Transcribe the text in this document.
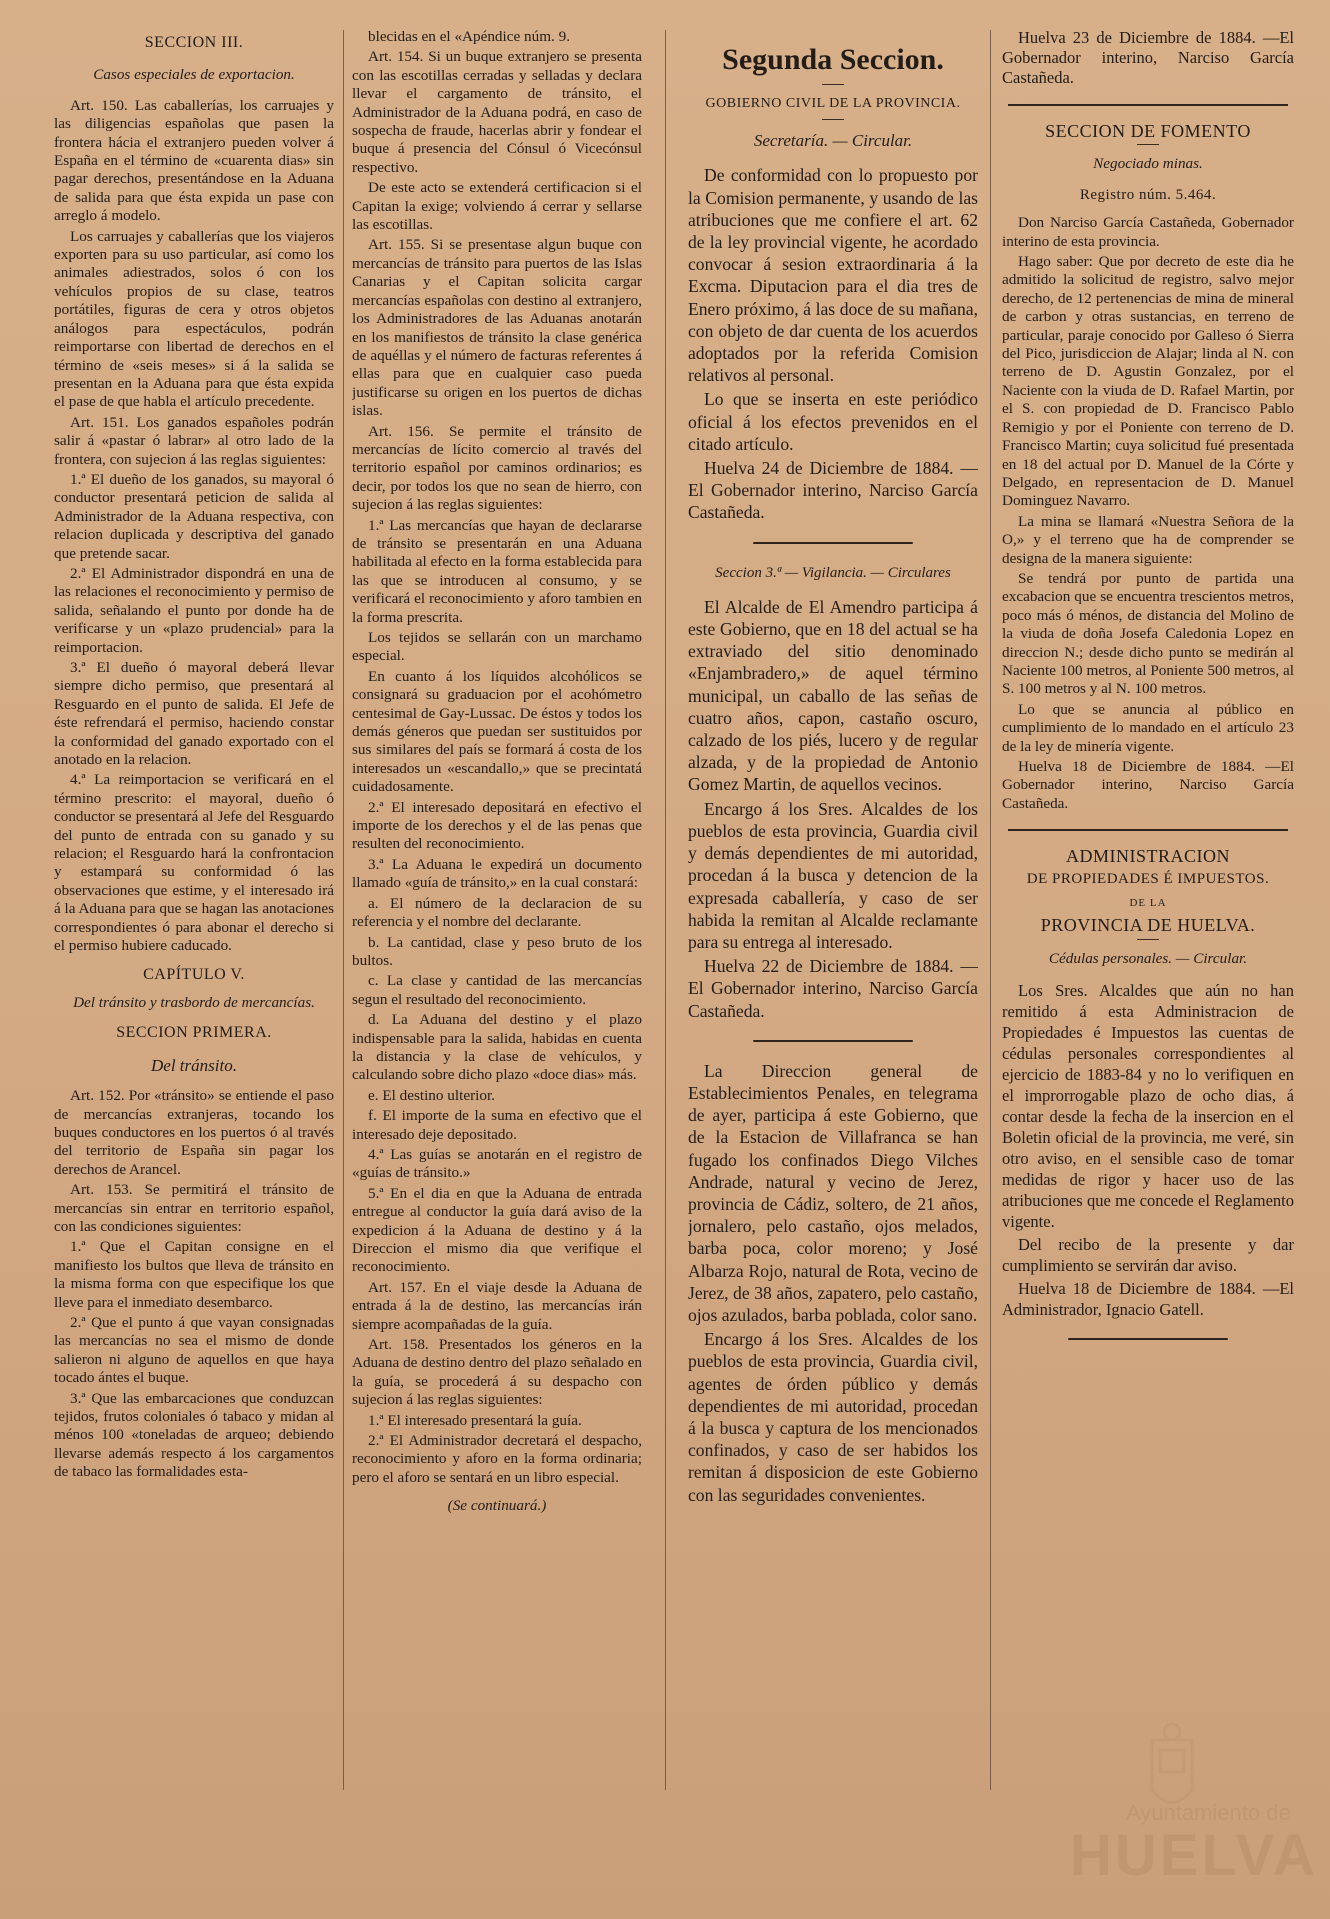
SECCION III.
Casos especiales de exportacion.

Art. 150. Las caballerías, los carruajes y las diligencias españolas que pasen la frontera hácia el extranjero pueden volver á España en el término de «cuarenta dias» sin pagar derechos, presentándose en la Aduana de salida para que ésta expida un pase con arreglo á modelo.

Los carruajes y caballerías que los viajeros exporten para su uso particular, así como los animales adiestrados, solos ó con los vehículos propios de su clase, teatros portátiles, figuras de cera y otros objetos análogos para espectáculos, podrán reimportarse con libertad de derechos en el término de «seis meses» si á la salida se presentan en la Aduana para que ésta expida el pase de que habla el artículo precedente.

Art. 151. Los ganados españoles podrán salir á «pastar ó labrar» al otro lado de la frontera, con sujecion á las reglas siguientes:

1.ª El dueño de los ganados, su mayoral ó conductor presentará peticion de salida al Administrador de la Aduana respectiva, con relacion duplicada y descriptiva del ganado que pretende sacar.

2.ª El Administrador dispondrá en una de las relaciones el reconocimiento y permiso de salida, señalando el punto por donde ha de verificarse y un «plazo prudencial» para la reimportacion.

3.ª El dueño ó mayoral deberá llevar siempre dicho permiso, que presentará al Resguardo en el punto de salida. El Jefe de éste refrendará el permiso, haciendo constar la conformidad del ganado exportado con el anotado en la relacion.

4.ª La reimportacion se verificará en el término prescrito: el mayoral, dueño ó conductor se presentará al Jefe del Resguardo del punto de entrada con su ganado y su relacion; el Resguardo hará la confrontacion y estampará su conformidad ó las observaciones que estime, y el interesado irá á la Aduana para que se hagan las anotaciones correspondientes ó para abonar el derecho si el permiso hubiere caducado.

CAPÍTULO V.
Del tránsito y trasbordo de mercancías.
SECCION PRIMERA.
Del tránsito.

Art. 152. Por «tránsito» se entiende el paso de mercancías extranjeras, tocando los buques conductores en los puertos ó al través del territorio de España sin pagar los derechos de Arancel.

Art. 153. Se permitirá el tránsito de mercancías sin entrar en territorio español, con las condiciones siguientes:

1.ª Que el Capitan consigne en el manifiesto los bultos que lleva de tránsito en la misma forma con que especifique los que lleve para el inmediato desembarco.

2.ª Que el punto á que vayan consignadas las mercancías no sea el mismo de donde salieron ni alguno de aquellos en que haya tocado ántes el buque.

3.ª Que las embarcaciones que conduzcan tejidos, frutos coloniales ó tabaco y midan al ménos 100 «toneladas de arqueo; debiendo llevarse además respecto á los cargamentos de tabaco las formalidades esta-

blecidas en el «Apéndice núm. 9.

Art. 154. Si un buque extranjero se presenta con las escotillas cerradas y selladas y declara llevar el cargamento de tránsito, el Administrador de la Aduana podrá, en caso de sospecha de fraude, hacerlas abrir y fondear el buque á presencia del Cónsul ó Vicecónsul respectivo.

De este acto se extenderá certificacion si el Capitan la exige; volviendo á cerrar y sellarse las escotillas.

Art. 155. Si se presentase algun buque con mercancías de tránsito para puertos de las Islas Canarias y el Capitan solicita cargar mercancías españolas con destino al extranjero, los Administradores de las Aduanas anotarán en los manifiestos de tránsito la clase genérica de aquéllas y el número de facturas referentes á ellas para que en cualquier caso pueda justificarse su origen en los puertos de dichas islas.

Art. 156. Se permite el tránsito de mercancías de lícito comercio al través del territorio español por caminos ordinarios; es decir, por todos los que no sean de hierro, con sujecion á las reglas siguientes:

1.ª Las mercancías que hayan de declararse de tránsito se presentarán en una Aduana habilitada al efecto en la forma establecida para las que se introducen al consumo, y se verificará el reconocimiento y aforo tambien en la forma prescrita.

Los tejidos se sellarán con un marchamo especial.

En cuanto á los líquidos alcohólicos se consignará su graduacion por el acohómetro centesimal de Gay-Lussac. De éstos y todos los demás géneros que puedan ser sustituidos por sus similares del país se formará á costa de los interesados un «escandallo,» que se precintatá cuidadosamente.

2.ª El interesado depositará en efectivo el importe de los derechos y el de las penas que resulten del reconocimiento.

3.ª La Aduana le expedirá un documento llamado «guía de tránsito,» en la cual constará:

a. El número de la declaracion de su referencia y el nombre del declarante.

b. La cantidad, clase y peso bruto de los bultos.

c. La clase y cantidad de las mercancías segun el resultado del reconocimiento.

d. La Aduana del destino y el plazo indispensable para la salida, habidas en cuenta la distancia y la clase de vehículos, y calculando sobre dicho plazo «doce dias» más.

e. El destino ulterior.

f. El importe de la suma en efectivo que el interesado deje depositado.

4.ª Las guías se anotarán en el registro de «guías de tránsito.»

5.ª En el dia en que la Aduana de entrada entregue al conductor la guía dará aviso de la expedicion á la Aduana de destino y á la Direccion el mismo dia que verifique el reconocimiento.

Art. 157. En el viaje desde la Aduana de entrada á la de destino, las mercancías irán siempre acompañadas de la guía.

Art. 158. Presentados los géneros en la Aduana de destino dentro del plazo señalado en la guía, se procederá á su despacho con sujecion á las reglas siguientes:

1.ª El interesado presentará la guía.

2.ª El Administrador decretará el despacho, reconocimiento y aforo en la forma ordinaria; pero el aforo se sentará en un libro especial.

(Se continuará.)

Segunda Seccion.
GOBIERNO CIVIL DE LA PROVINCIA.
Secretaría. — Circular.

De conformidad con lo propuesto por la Comision permanente, y usando de las atribuciones que me confiere el art. 62 de la ley provincial vigente, he acordado convocar á sesion extraordinaria á la Excma. Diputacion para el dia tres de Enero próximo, á las doce de su mañana, con objeto de dar cuenta de los acuerdos adoptados por la referida Comision relativos al personal.

Lo que se inserta en este periódico oficial á los efectos prevenidos en el citado artículo.

Huelva 24 de Diciembre de 1884. —El Gobernador interino, Narciso García Castañeda.

Seccion 3.ª — Vigilancia. — Circulares

El Alcalde de El Amendro participa á este Gobierno, que en 18 del actual se ha extraviado del sitio denominado «Enjambradero,» de aquel término municipal, un caballo de las señas de cuatro años, capon, castaño oscuro, calzado de los piés, lucero y de regular alzada, y de la propiedad de Antonio Gomez Martin, de aquellos vecinos.

Encargo á los Sres. Alcaldes de los pueblos de esta provincia, Guardia civil y demás dependientes de mi autoridad, procedan á la busca y detencion de la expresada caballería, y caso de ser habida la remitan al Alcalde reclamante para su entrega al interesado.

Huelva 22 de Diciembre de 1884. —El Gobernador interino, Narciso García Castañeda.

La Direccion general de Establecimientos Penales, en telegrama de ayer, participa á este Gobierno, que de la Estacion de Villafranca se han fugado los confinados Diego Vilches Andrade, natural y vecino de Jerez, provincia de Cádiz, soltero, de 21 años, jornalero, pelo castaño, ojos melados, barba poca, color moreno; y José Albarza Rojo, natural de Rota, vecino de Jerez, de 38 años, zapatero, pelo castaño, ojos azulados, barba poblada, color sano.

Encargo á los Sres. Alcaldes de los pueblos de esta provincia, Guardia civil, agentes de órden público y demás dependientes de mi autoridad, procedan á la busca y captura de los mencionados confinados, y caso de ser habidos los remitan á disposicion de este Gobierno con las seguridades convenientes.

Huelva 23 de Diciembre de 1884. —El Gobernador interino, Narciso García Castañeda.

SECCION DE FOMENTO
Negociado minas.
Registro núm. 5.464.

Don Narciso García Castañeda, Gobernador interino de esta provincia.

Hago saber: Que por decreto de este dia he admitido la solicitud de registro, salvo mejor derecho, de 12 pertenencias de mina de mineral de carbon y otras sustancias, en terreno de particular, paraje conocido por Galleso ó Sierra del Pico, jurisdiccion de Alajar; linda al N. con terreno de D. Agustin Gonzalez, por el Naciente con la viuda de D. Rafael Martin, por el S. con propiedad de D. Francisco Pablo Remigio y por el Poniente con terreno de D. Francisco Martin; cuya solicitud fué presentada en 18 del actual por D. Manuel de la Córte y Delgado, en representacion de D. Manuel Dominguez Navarro.

La mina se llamará «Nuestra Señora de la O,» y el terreno que ha de comprender se designa de la manera siguiente:

Se tendrá por punto de partida una excabacion que se encuentra trescientos metros, poco más ó ménos, de distancia del Molino de la viuda de doña Josefa Caledonia Lopez en direccion N.; desde dicho punto se medirán al Naciente 100 metros, al Poniente 500 metros, al S. 100 metros y al N. 100 metros.

Lo que se anuncia al público en cumplimiento de lo mandado en el artículo 23 de la ley de minería vigente.

Huelva 18 de Diciembre de 1884. —El Gobernador interino, Narciso García Castañeda.

ADMINISTRACION
DE PROPIEDADES É IMPUESTOS.
DE LA
PROVINCIA DE HUELVA.
Cédulas personales. — Circular.

Los Sres. Alcaldes que aún no han remitido á esta Administracion de Propiedades é Impuestos las cuentas de cédulas personales correspondientes al ejercicio de 1883-84 y no lo verifiquen en el improrrogable plazo de ocho dias, á contar desde la fecha de la insercion en el Boletin oficial de la provincia, me veré, sin otro aviso, en el sensible caso de tomar medidas de rigor y hacer uso de las atribuciones que me concede el Reglamento vigente.

Del recibo de la presente y dar cumplimiento se servirán dar aviso.

Huelva 18 de Diciembre de 1884. —El Administrador, Ignacio Gatell.

Ayuntamiento de
HUELVA
